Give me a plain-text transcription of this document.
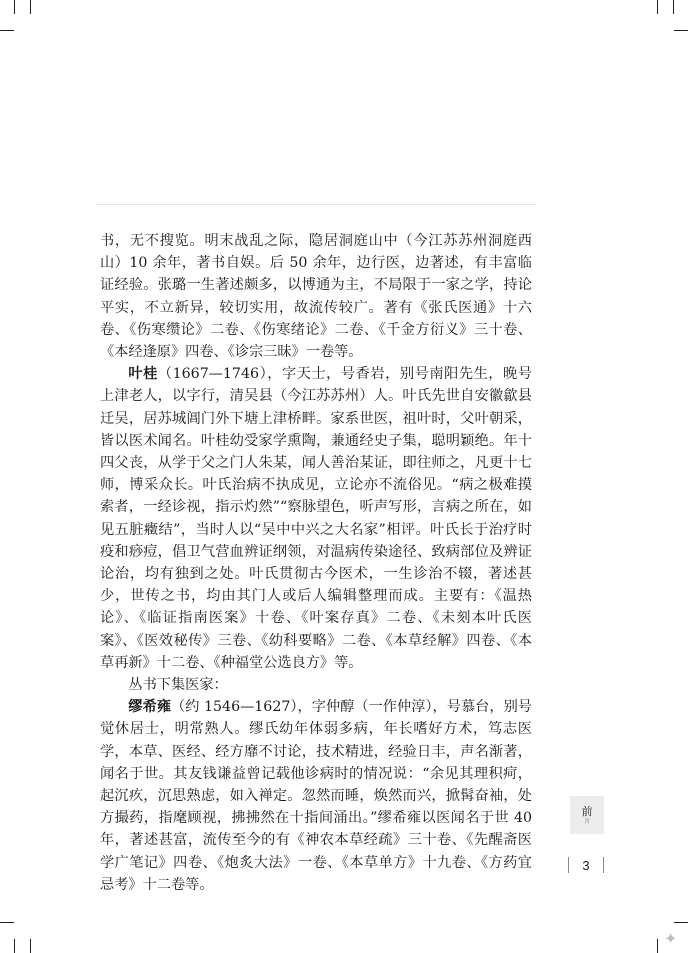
书，无不搜览。明末战乱之际，隐居洞庭山中（今江苏苏州洞庭西山）10 余年，著书自娱。后 50 余年，边行医，边著述，有丰富临证经验。张璐一生著述颇多，以博通为主，不局限于一家之学，持论平实，不立新异，较切实用，故流传较广。著有《张氏医通》十六卷、《伤寒缵论》二卷、《伤寒绪论》二卷、《千金方衍义》三十卷、《本经逢原》四卷、《诊宗三昧》一卷等。

叶桂（1667—1746），字天士，号香岩，别号南阳先生，晚号上津老人，以字行，清吴县（今江苏苏州）人。叶氏先世自安徽歙县迁吴，居苏城阊门外下塘上津桥畔。家系世医，祖叶时，父叶朝采，皆以医术闻名。叶桂幼受家学熏陶，兼通经史子集，聪明颖绝。年十四父丧，从学于父之门人朱某，闻人善治某证，即往师之，凡更十七师，博采众长。叶氏治病不执成见，立论亦不流俗见。“病之极难摸索者，一经诊视，指示灼然”“察脉望色，听声写形，言病之所在，如见五脏癥结”，当时人以“吴中中兴之大名家”相评。叶氏长于治疗时疫和痧痘，倡卫气营血辨证纲领，对温病传染途径、致病部位及辨证论治，均有独到之处。叶氏贯彻古今医术，一生诊治不辍，著述甚少，世传之书，均由其门人或后人编辑整理而成。主要有：《温热论》、《临证指南医案》十卷、《叶案存真》二卷、《未刻本叶氏医案》、《医效秘传》三卷、《幼科要略》二卷、《本草经解》四卷、《本草再新》十二卷、《种福堂公选良方》等。

丛书下集医家：

缪希雍（约 1546—1627），字仲醇（一作仲淳），号慕台，别号觉休居士，明常熟人。缪氏幼年体弱多病，年长嗜好方术，笃志医学，本草、医经、经方靡不讨论，技术精进，经验日丰，声名渐著，闻名于世。其友钱谦益曾记载他诊病时的情况说：“余见其理积疴，起沉疚，沉思熟虑，如入禅定。忽然而睡，焕然而兴，掀髯奋袖，处方撮药，指麾顾视，拂拂然在十指间涌出。”缪希雍以医闻名于世 40 年，著述甚富，流传至今的有《神农本草经疏》三十卷、《先醒斋医学广笔记》四卷、《炮炙大法》一卷、《本草单方》十九卷、《方药宜忌考》十二卷等。

前
言
3
✦
